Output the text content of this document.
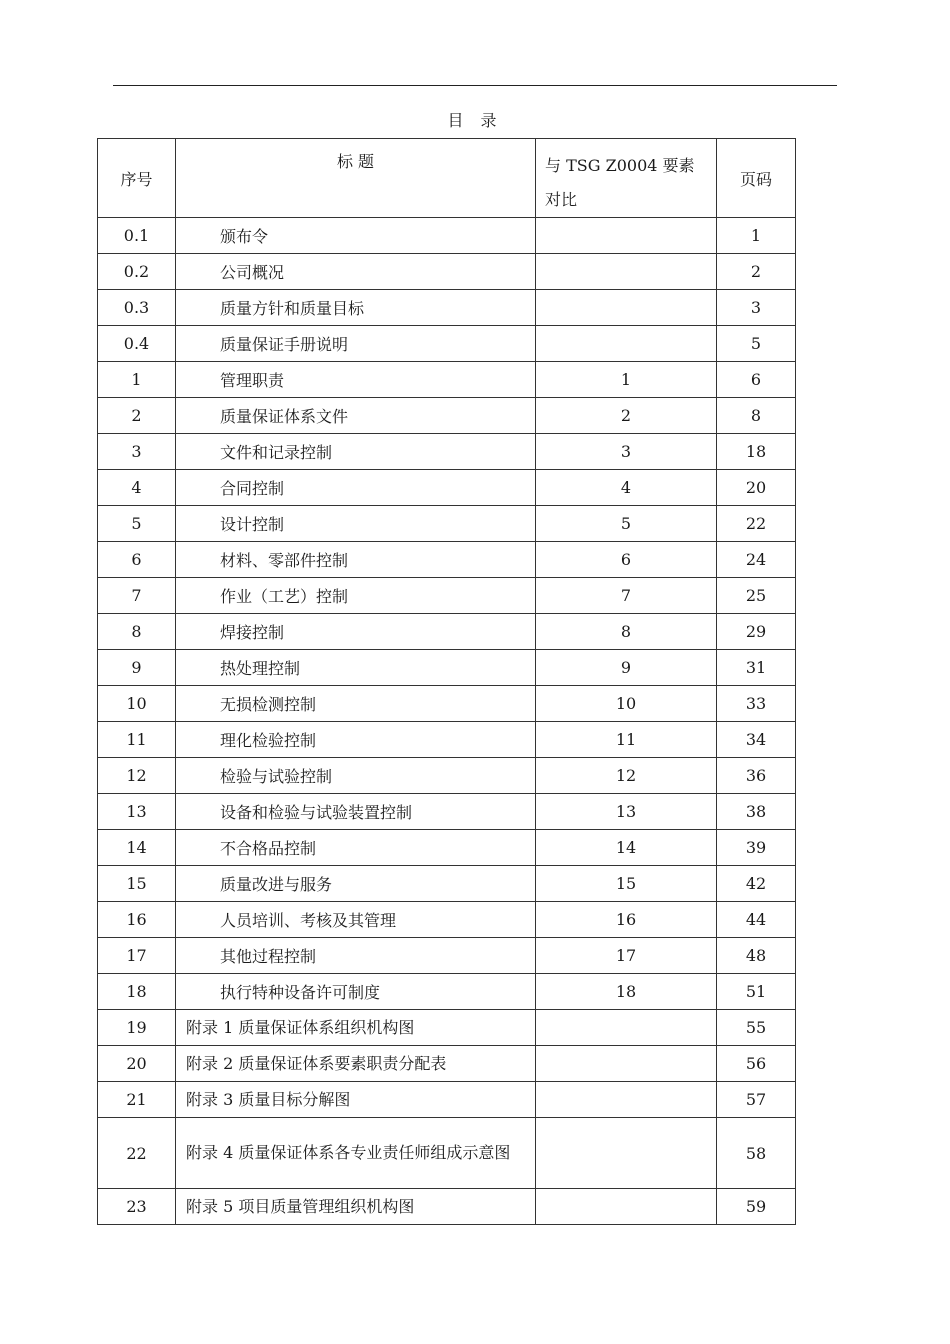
目 录
序号	标 题	与 TSG Z0004 要素对比	页码
0.1	颁布令		1
0.2	公司概况		2
0.3	质量方针和质量目标		3
0.4	质量保证手册说明		5
1	管理职责	1	6
2	质量保证体系文件	2	8
3	文件和记录控制	3	18
4	合同控制	4	20
5	设计控制	5	22
6	材料、零部件控制	6	24
7	作业（工艺）控制	7	25
8	焊接控制	8	29
9	热处理控制	9	31
10	无损检测控制	10	33
11	理化检验控制	11	34
12	检验与试验控制	12	36
13	设备和检验与试验装置控制	13	38
14	不合格品控制	14	39
15	质量改进与服务	15	42
16	人员培训、考核及其管理	16	44
17	其他过程控制	17	48
18	执行特种设备许可制度	18	51
19	附录 1 质量保证体系组织机构图		55
20	附录 2 质量保证体系要素职责分配表		56
21	附录 3 质量目标分解图		57
22	附录 4 质量保证体系各专业责任师组成示意图		58
23	附录 5 项目质量管理组织机构图		59
